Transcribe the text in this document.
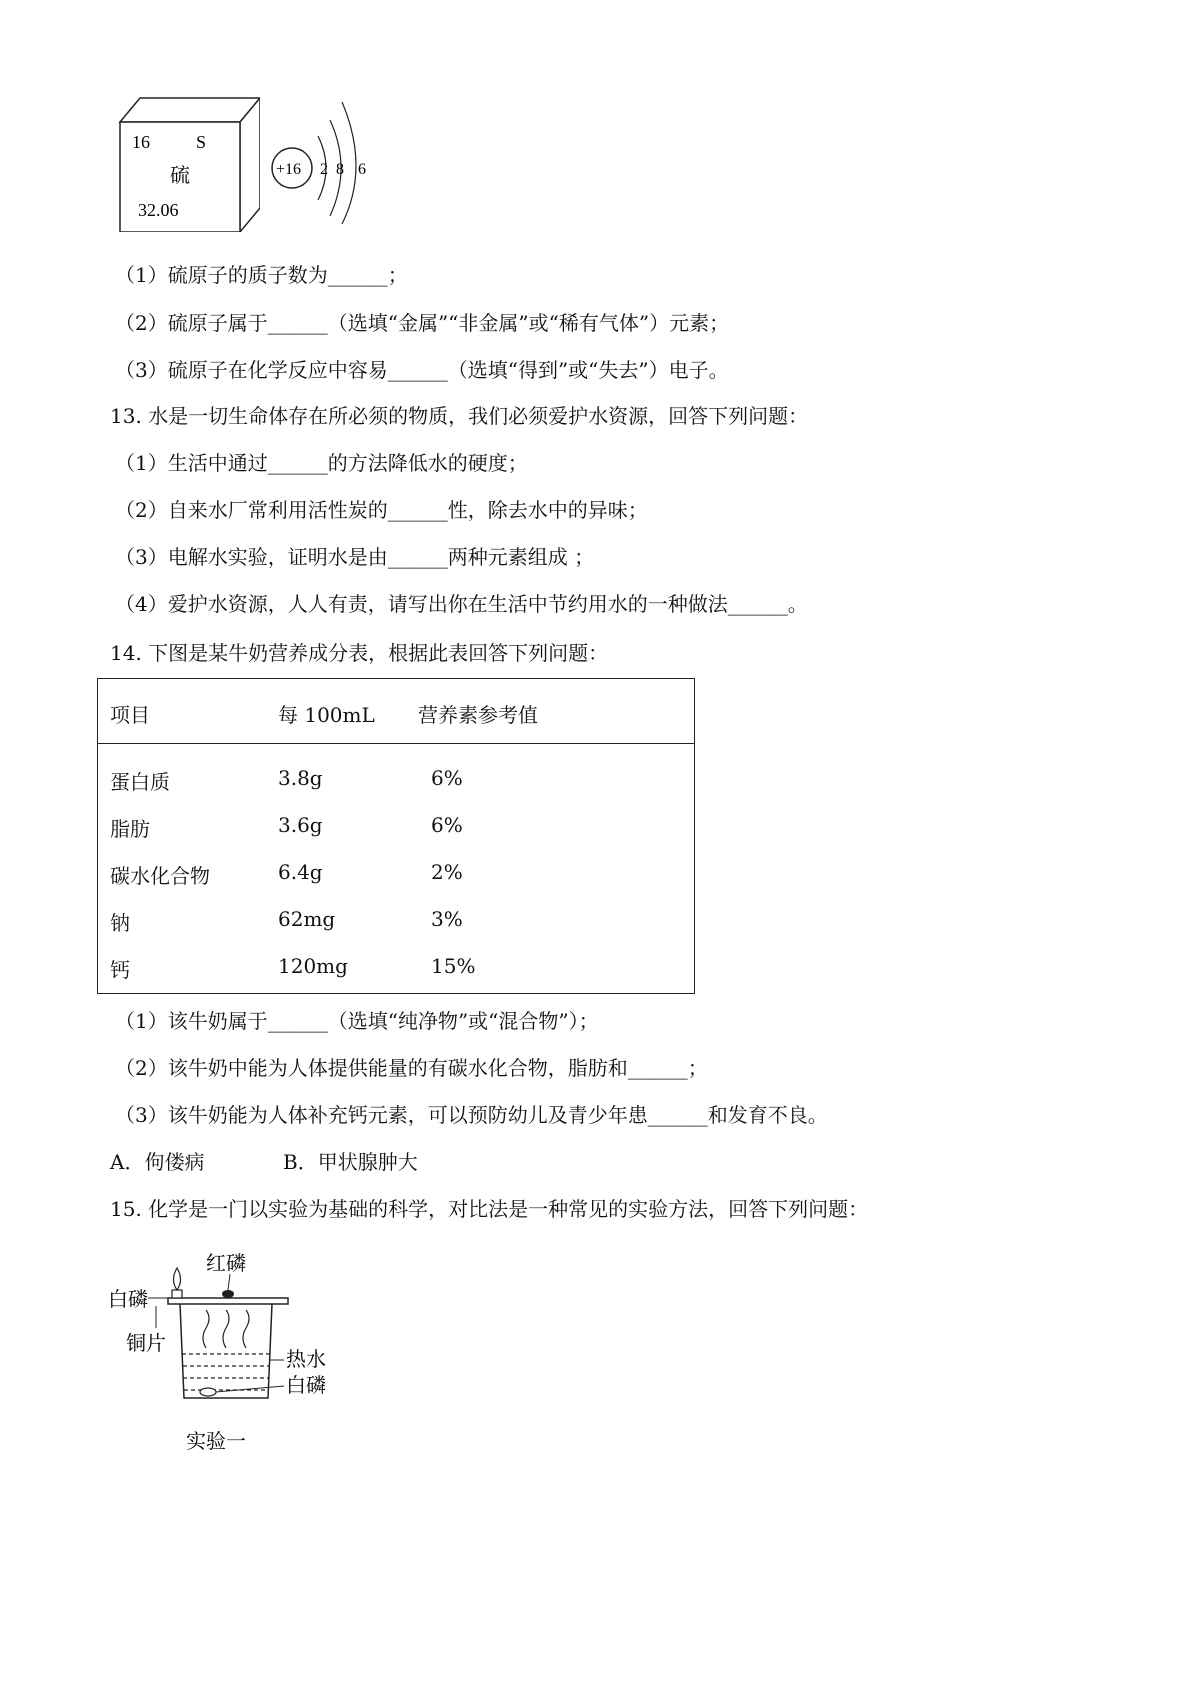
16	S
硫
32.06
+16 2 8 6
（1）硫原子的质子数为______；
（2）硫原子属于______（选填“金属”“非金属”或“稀有气体”）元素；
（3）硫原子在化学反应中容易______（选填“得到”或“失去”）电子。
13. 水是一切生命体存在所必须的物质，我们必须爱护水资源，回答下列问题：
（1）生活中通过______的方法降低水的硬度；
（2）自来水厂常利用活性炭的______性，除去水中的异味；
（3）电解水实验，证明水是由______两种元素组成 ；
（4）爱护水资源，人人有责，请写出你在生活中节约用水的一种做法______。
14. 下图是某牛奶营养成分表，根据此表回答下列问题：
项目	每 100mL 营养素参考值
蛋白质	3.8g	6%
脂肪	3.6g	6%
碳水化合物	6.4g	2%
钠	62mg	3%
钙	120mg	15%
（1）该牛奶属于______（选填“纯净物”或“混合物”）；
（2）该牛奶中能为人体提供能量的有碳水化合物，脂肪和______；
（3）该牛奶能为人体补充钙元素，可以预防幼儿及青少年患______和发育不良。
A．佝偻病	B．甲状腺肿大
15. 化学是一门以实验为基础的科学，对比法是一种常见的实验方法，回答下列问题：
红磷
白磷
铜片
热水
白磷
实验一
